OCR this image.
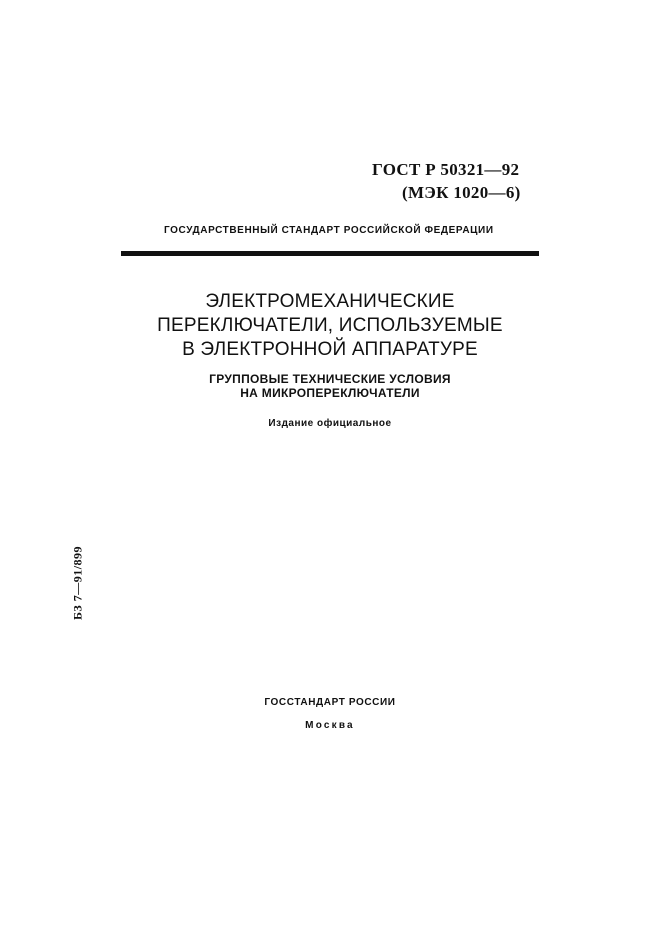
ГОСТ Р 50321—92
(МЭК 1020—6)
ГОСУДАРСТВЕННЫЙ СТАНДАРТ РОССИЙСКОЙ ФЕДЕРАЦИИ
ЭЛЕКТРОМЕХАНИЧЕСКИЕ
ПЕРЕКЛЮЧАТЕЛИ, ИСПОЛЬЗУЕМЫЕ
В ЭЛЕКТРОННОЙ АППАРАТУРЕ
ГРУППОВЫЕ ТЕХНИЧЕСКИЕ УСЛОВИЯ
НА МИКРОПЕРЕКЛЮЧАТЕЛИ
Издание официальное
БЗ 7—91/899
ГОССТАНДАРТ РОССИИ
Москва
